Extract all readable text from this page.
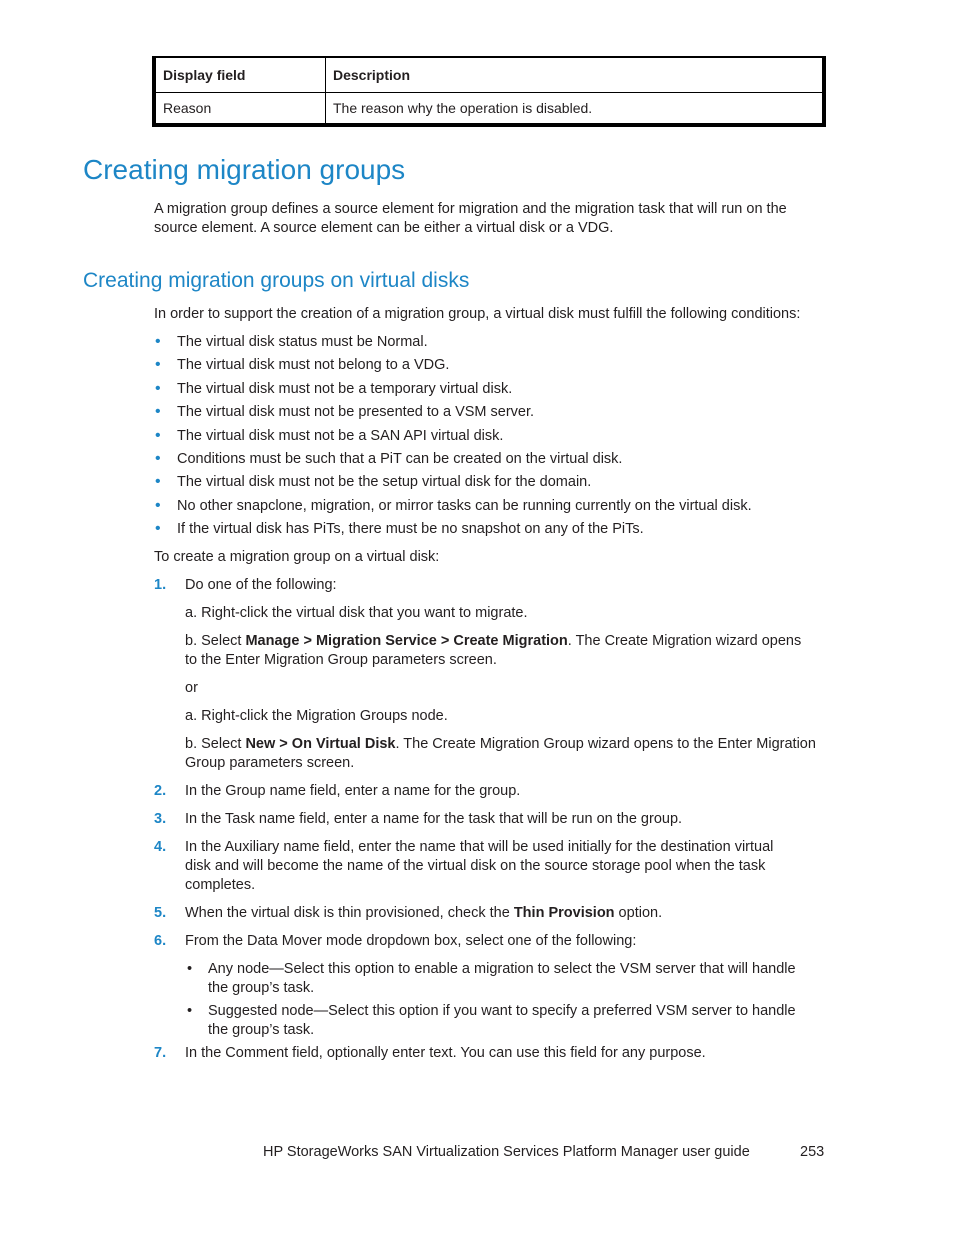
Display field	Description
Reason	The reason why the operation is disabled.
Creating migration groups

A migration group defines a source element for migration and the migration task that will run on the source element. A source element can be either a virtual disk or a VDG.

Creating migration groups on virtual disks

In order to support the creation of a migration group, a virtual disk must fulfill the following conditions:

• The virtual disk status must be Normal.
• The virtual disk must not belong to a VDG.
• The virtual disk must not be a temporary virtual disk.
• The virtual disk must not be presented to a VSM server.
• The virtual disk must not be a SAN API virtual disk.
• Conditions must be such that a PiT can be created on the virtual disk.
• The virtual disk must not be the setup virtual disk for the domain.
• No other snapclone, migration, or mirror tasks can be running currently on the virtual disk.
• If the virtual disk has PiTs, there must be no snapshot on any of the PiTs.
To create a migration group on a virtual disk:
1. Do one of the following:
a. Right-click the virtual disk that you want to migrate.
b. Select Manage > Migration Service > Create Migration. The Create Migration wizard opens
to the Enter Migration Group parameters screen.
or
a. Right-click the Migration Groups node.
b. Select New > On Virtual Disk. The Create Migration Group wizard opens to the Enter Migration
Group parameters screen.
2. In the Group name field, enter a name for the group.
3. In the Task name field, enter a name for the task that will be run on the group.
4. In the Auxiliary name field, enter the name that will be used initially for the destination virtual
disk and will become the name of the virtual disk on the source storage pool when the task
completes.
5. When the virtual disk is thin provisioned, check the Thin Provision option.
6. From the Data Mover mode dropdown box, select one of the following:
• Any node—Select this option to enable a migration to select the VSM server that will handle
the group’s task.
• Suggested node—Select this option if you want to specify a preferred VSM server to handle
the group’s task.
7. In the Comment field, optionally enter text. You can use this field for any purpose.
HP StorageWorks SAN Virtualization Services Platform Manager user guide	253
